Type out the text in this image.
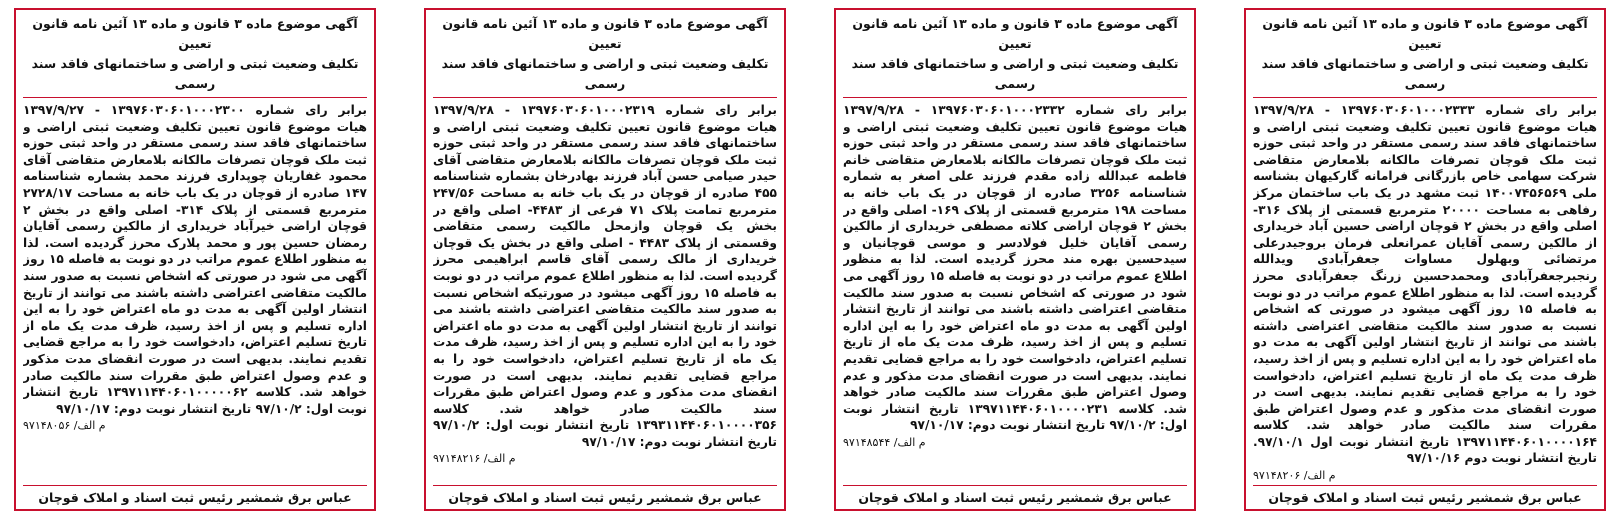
آگهی موضوع ماده ۳ قانون و ماده ۱۳ آئین نامه قانون تعیین
تکلیف وضعیت ثبتی و اراضی و ساختمانهای فاقد سند رسمی

برابر رای شماره ۱۳۹۷۶۰۳۰۶۰۱۰۰۰۲۳۳۳ - ۱۳۹۷/۹/۲۸ هیات موضوع قانون تعیین تکلیف وضعیت ثبتی اراضی و ساختمانهای فاقد سند رسمی مستقر در واحد ثبتی حوزه ثبت ملک قوچان تصرفات مالکانه بلامعارض متقاضی شرکت سهامی خاص بازرگانی فرامانه گارکیهان بشناسه ملی ۱۴۰۰۷۴۵۶۵۶۹ ثبت مشهد در یک باب ساختمان مرکز رفاهی به مساحت ۲۰۰۰۰ مترمربع قسمتی از پلاک ۳۱۶- اصلی واقع در بخش ۲ قوچان اراضی حسین آباد خریداری از مالکین رسمی آقایان عمرانعلی فرمان بروجیدرعلی مرتضائی وبهلول مساوات جعفرآبادی ویدالله رنجبرجعفرآبادی ومحمدحسین زرنگ جعفرآبادی محرز گردیده است. لذا به منظور اطلاع عموم مراتب در دو نوبت به فاصله ۱۵ روز آگهی میشود در صورتی که اشخاص نسبت به صدور سند مالکیت متقاضی اعتراضی داشته باشند می توانند از تاریخ انتشار اولین آگهی به مدت دو ماه اعتراض خود را به این اداره تسلیم و پس از اخذ رسید، ظرف مدت یک ماه از تاریخ تسلیم اعتراض، دادخواست خود را به مراجع قضایی تقدیم نمایند. بدیهی است در صورت انقضای مدت مذکور و عدم وصول اعتراض طبق مقررات سند مالکیت صادر خواهد شد. کلاسه ۱۳۹۷۱۱۴۴۰۶۰۱۰۰۰۰۱۶۴ تاریخ انتشار نوبت اول ۹۷/۱۰/۱. تاریخ انتشار نوبت دوم ۹۷/۱۰/۱۶

م الف/ ۹۷۱۴۸۲۰۶
عباس برق شمشیر رئیس ثبت اسناد و املاک قوچان
آگهی موضوع ماده ۳ قانون و ماده ۱۳ آئین نامه قانون تعیین
تکلیف وضعیت ثبتی و اراضی و ساختمانهای فاقد سند رسمی

برابر رای شماره ۱۳۹۷۶۰۳۰۶۰۱۰۰۰۲۳۳۲ - ۱۳۹۷/۹/۲۸ هیات موضوع قانون تعیین تکلیف وضعیت ثبتی اراضی و ساختمانهای فاقد سند رسمی مستقر در واحد ثبتی حوزه ثبت ملک قوچان تصرفات مالکانه بلامعارض متقاضی خانم فاطمه عبدالله زاده مقدم فرزند علی اصغر به شماره شناسنامه ۳۲۵۶ صادره از قوچان در یک باب خانه به مساحت ۱۹۸ مترمربع قسمتی از پلاک ۱۶۹- اصلی واقع در بخش ۲ قوچان اراضی کلاته مصطفی خریداری از مالکین رسمی آقایان خلیل فولادسر و موسی قوچانیان و سیدحسین بهره مند محرز گردیده است. لذا به منظور اطلاع عموم مراتب در دو نوبت به فاصله ۱۵ روز آگهی می شود در صورتی که اشخاص نسبت به صدور سند مالکیت متقاضی اعتراضی داشته باشند می توانند از تاریخ انتشار اولین آگهی به مدت دو ماه اعتراض خود را به این اداره تسلیم و پس از اخذ رسید، ظرف مدت یک ماه از تاریخ تسلیم اعتراض، دادخواست خود را به مراجع قضایی تقدیم نمایند. بدیهی است در صورت انقضای مدت مذکور و عدم وصول اعتراض طبق مقررات سند مالکیت صادر خواهد شد. کلاسه ۱۳۹۷۱۱۴۴۰۶۰۱۰۰۰۰۲۳۱ تاریخ انتشار نوبت اول: ۹۷/۱۰/۲ تاریخ انتشار نوبت دوم: ۹۷/۱۰/۱۷

م الف/ ۹۷۱۴۸۵۴۴
عباس برق شمشیر رئیس ثبت اسناد و املاک قوچان
آگهی موضوع ماده ۳ قانون و ماده ۱۳ آئین نامه قانون تعیین
تکلیف وضعیت ثبتی و اراضی و ساختمانهای فاقد سند رسمی

برابر رای شماره ۱۳۹۷۶۰۳۰۶۰۱۰۰۰۲۳۱۹ - ۱۳۹۷/۹/۲۸ هیات موضوع قانون تعیین تکلیف وضعیت ثبتی اراضی و ساختمانهای فاقد سند رسمی مستقر در واحد ثبتی حوزه ثبت ملک قوچان تصرفات مالکانه بلامعارض متقاضی آقای حیدر صیامی حسن آباد فرزند بهادرخان بشماره شناسنامه ۴۵۵ صادره از قوچان در یک باب خانه به مساحت ۲۴۷/۵۶ مترمربع تمامت پلاک ۷۱ فرعی از ۴۴۸۳- اصلی واقع در بخش یک قوچان وازمحل مالکیت رسمی متقاضی وقسمتی از پلاک ۴۴۸۳ - اصلی واقع در بخش یک قوچان خریداری از مالک رسمی آقای قاسم ابراهیمی محرز گردیده است. لذا به منظور اطلاع عموم مراتب در دو نوبت به فاصله ۱۵ روز آگهی میشود در صورتیکه اشخاص نسبت به صدور سند مالکیت متقاضی اعتراضی داشته باشند می توانند از تاریخ انتشار اولین آگهی به مدت دو ماه اعتراض خود را به این اداره تسلیم و پس از اخذ رسید، ظرف مدت یک ماه از تاریخ تسلیم اعتراض، دادخواست خود را به مراجع قضایی تقدیم نمایند. بدیهی است در صورت انقضای مدت مذکور و عدم وصول اعتراض طبق مقررات سند مالکیت صادر خواهد شد. کلاسه ۱۳۹۳۱۱۴۴۰۶۰۱۰۰۰۰۳۵۶ تاریخ انتشار نوبت اول: ۹۷/۱۰/۲ تاریخ انتشار نوبت دوم: ۹۷/۱۰/۱۷

م الف/ ۹۷۱۴۸۲۱۶
عباس برق شمشیر رئیس ثبت اسناد و املاک قوچان
آگهی موضوع ماده ۳ قانون و ماده ۱۳ آئین نامه قانون تعیین
تکلیف وضعیت ثبتی و اراضی و ساختمانهای فاقد سند رسمی

برابر رای شماره ۱۳۹۷۶۰۳۰۶۰۱۰۰۰۲۳۰۰ - ۱۳۹۷/۹/۲۷ هیات موضوع قانون تعیین تکلیف وضعیت ثبتی اراضی و ساختمانهای فاقد سند رسمی مستقر در واحد ثبتی حوزه ثبت ملک قوچان تصرفات مالکانه بلامعارض متقاضی آقای محمود غفاریان چوپداری فرزند محمد بشماره شناسنامه ۱۴۷ صادره از قوچان در یک باب خانه به مساحت ۲۷۲۸/۱۷ مترمربع قسمتی از پلاک ۳۱۴- اصلی واقع در بخش ۲ قوچان اراضی خیرآباد خریداری از مالکین رسمی آقایان رمضان حسین پور و محمد پلارک محرز گردیده است. لذا به منظور اطلاع عموم مراتب در دو نوبت به فاصله ۱۵ روز آگهی می شود در صورتی که اشخاص نسبت به صدور سند مالکیت متقاضی اعتراضی داشته باشند می توانند از تاریخ انتشار اولین آگهی به مدت دو ماه اعتراض خود را به این اداره تسلیم و پس از اخذ رسید، ظرف مدت یک ماه از تاریخ تسلیم اعتراض، دادخواست خود را به مراجع قضایی تقدیم نمایند. بدیهی است در صورت انقضای مدت مذکور و عدم وصول اعتراض طبق مقررات سند مالکیت صادر خواهد شد. کلاسه ۱۳۹۷۱۱۴۴۰۶۰۱۰۰۰۰۰۶۲ تاریخ انتشار نوبت اول: ۹۷/۱۰/۲ تاریخ انتشار نوبت دوم: ۹۷/۱۰/۱۷

م الف/ ۹۷۱۴۸۰۵۶
عباس برق شمشیر رئیس ثبت اسناد و املاک قوچان
